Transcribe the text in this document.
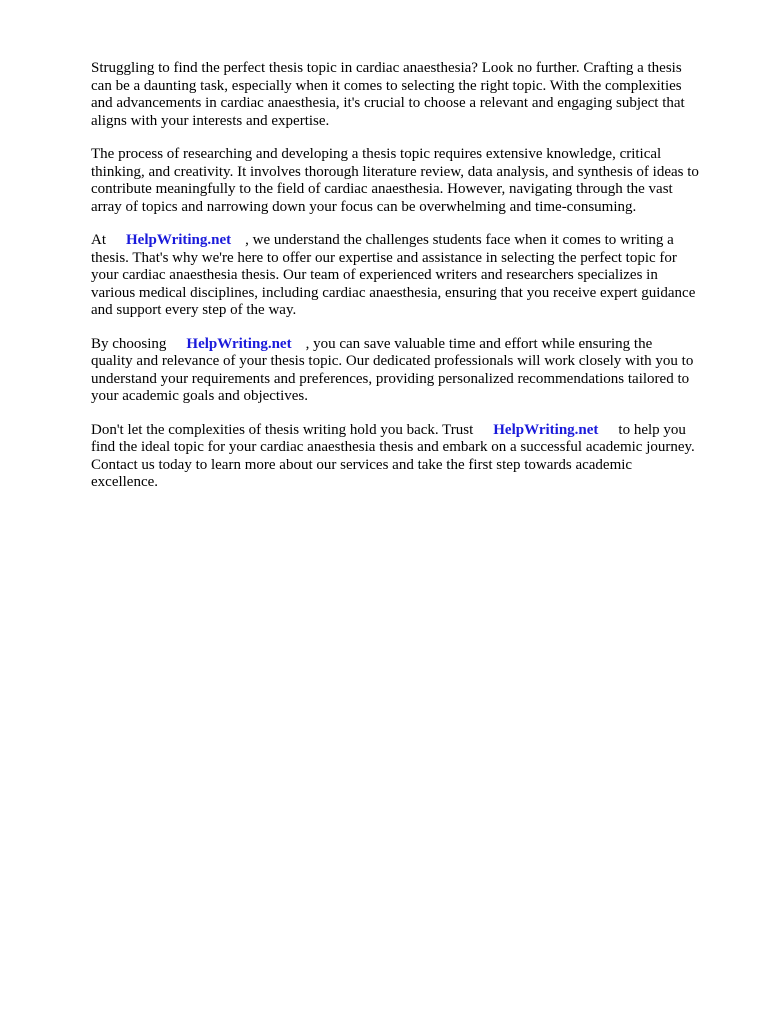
Struggling to find the perfect thesis topic in cardiac anaesthesia? Look no further. Crafting a thesis
can be a daunting task, especially when it comes to selecting the right topic. With the complexities
and advancements in cardiac anaesthesia, it's crucial to choose a relevant and engaging subject that
aligns with your interests and expertise.

The process of researching and developing a thesis topic requires extensive knowledge, critical
thinking, and creativity. It involves thorough literature review, data analysis, and synthesis of ideas to
contribute meaningfully to the field of cardiac anaesthesia. However, navigating through the vast
array of topics and narrowing down your focus can be overwhelming and time-consuming.

At HelpWriting.net , we understand the challenges students face when it comes to writing a
thesis. That's why we're here to offer our expertise and assistance in selecting the perfect topic for
your cardiac anaesthesia thesis. Our team of experienced writers and researchers specializes in
various medical disciplines, including cardiac anaesthesia, ensuring that you receive expert guidance
and support every step of the way.

By choosing HelpWriting.net , you can save valuable time and effort while ensuring the
quality and relevance of your thesis topic. Our dedicated professionals will work closely with you to
understand your requirements and preferences, providing personalized recommendations tailored to
your academic goals and objectives.

Don't let the complexities of thesis writing hold you back. Trust HelpWriting.net to help you
find the ideal topic for your cardiac anaesthesia thesis and embark on a successful academic journey.
Contact us today to learn more about our services and take the first step towards academic
excellence.
